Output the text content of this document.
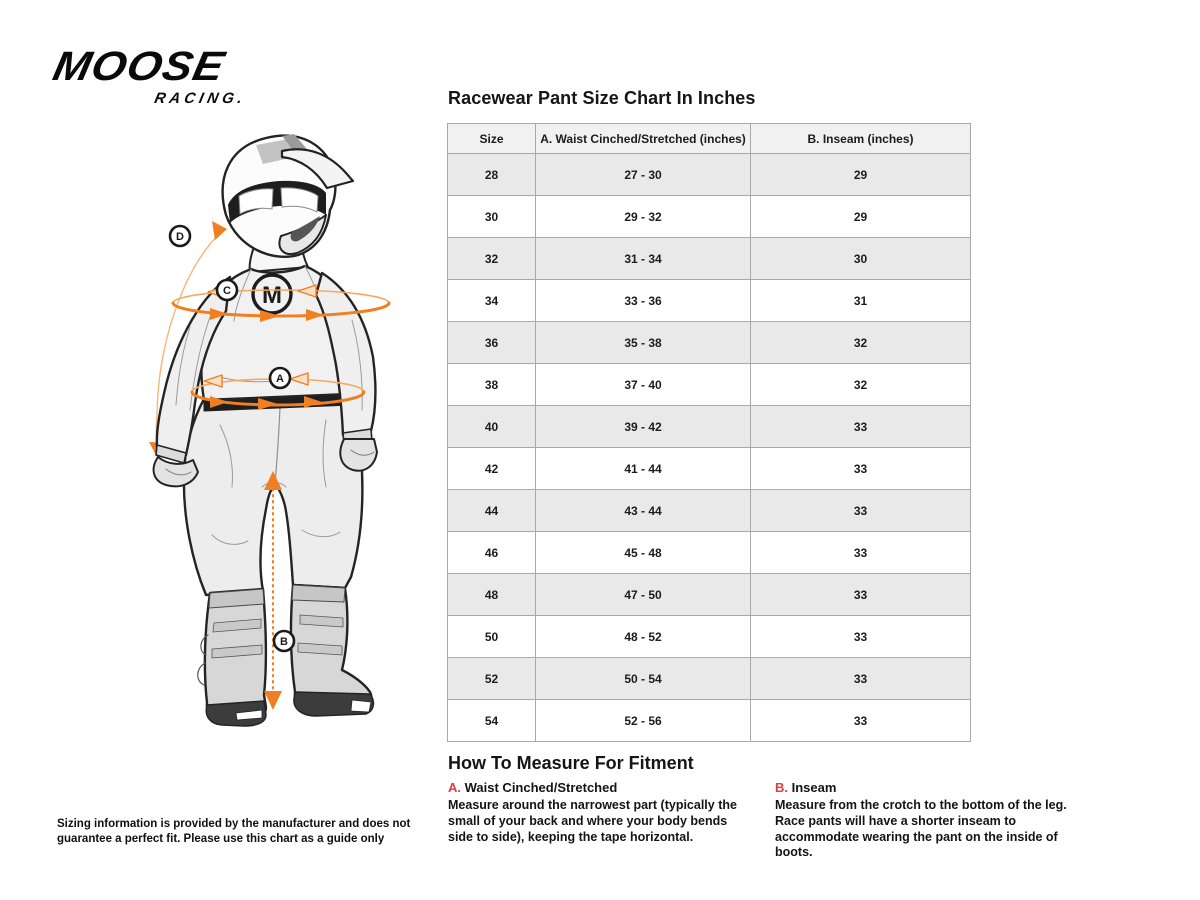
MOOSE
RACING.
M
D
C
A
B
Racewear Pant Size Chart In Inches
Size	A. Waist Cinched/Stretched (inches)	B. Inseam (inches)
28	27 - 30	29
30	29 - 32	29
32	31 - 34	30
34	33 - 36	31
36	35 - 38	32
38	37 - 40	32
40	39 - 42	33
42	41 - 44	33
44	43 - 44	33
46	45 - 48	33
48	47 - 50	33
50	48 - 52	33
52	50 - 54	33
54	52 - 56	33
How To Measure For Fitment
A. Waist Cinched/Stretched
Measure around the narrowest part (typically the small of your back and where your body bends side to side), keeping the tape horizontal.
B. Inseam
Measure from the crotch to the bottom of the leg. Race pants will have a shorter inseam to accommodate wearing the pant on the inside of boots.
Sizing information is provided by the manufacturer and does not guarantee a perfect fit. Please use this chart as a guide only
